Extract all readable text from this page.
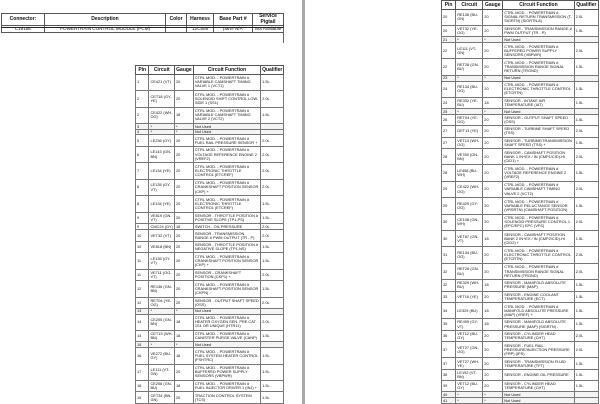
Connector:	Description	Color	Harness	Base Part #	Service Pigtail
C1915E	POWERTRAIN CONTROL MODULE (PCM)		12C508	part# N/A	Not Available
Pin	Circuit	Gauge	Circuit Function	Qualifier
1	CE421 (VT)	20	CTRL MOD. - POWERTRAIN # VARIABLE CAMSHAFT TIMING VALVE 1 (VCT1)	1.5L
2	CET18 (GY-YE)	20	CTRL MOD. - POWERTRAIN # SOLENOID SHIFT CONTROL LOW-SIDE 1 (SS1)	2.0L
2	CE422 (WH-OG)	18	CTRL MOD. - POWERTRAIN # VARIABLE CAMSHAFT TIMING VALVE 2 (VCT2)	1.5L
3	*	*	Not Used	
4	*	*	Not Used	
5	LE236 (GY)	20	CTRL MOD. - POWERTRAIN # FUEL RAIL PRESSURE SENSOR +	2.0L
6	LE143 (GN-BN)	20	CTRL MOD. - POWERTRAIN # VOLTAGE REFERENCE ENGINE 2 (VREF2)	2.0L
7	LE134 (YE)	20	CTRL MOD. - POWERTRAIN # ELECTRONIC THROTTLE CONTROL (ETCREF)	2.0L
8	LE135 (GY-VT)	20	CTRL MOD. - POWERTRAIN # CRANKSHAFT POSITION SENSOR (CKP) +	2.0L
8	LE134 (YE)	20	CTRL MOD. - POWERTRAIN # ELECTRONIC THROTTLE CONTROL (ETCREF)	1.5L
9	VE819 (GN-VT)	20	SENSOR - THROTTLE POSITION # POSITIVE SLOPE (TP1-PS)	1.5L
9	CMC24 (GY)	18	SWITCH - OIL PRESSURE	2.0L
10	VET32 (VT)	20	SENSOR - TRANSMISSION RANGE # PWM OUTPUT (TR - P)	2.0L
10	VE818 (BN)	20	SENSOR - THROTTLE POSITION # NEGATIVE SLOPE (TP1-NS)	1.5L
11	LE135 (GY-VT)	20	CTRL MOD. - POWERTRAIN # CRANKSHAFT POSITION SENSOR (CKP) +	1.5L
11	VE711 (OG-VT)	20	SENSOR - CRANKSHAFT POSITION (CKP1) +	2.0L
12	RE136 (GN-BN)	20	CTRL MOD. - POWERTRAIN # CRANKSHAFT POSITION SENSOR (CKPN) -	1.5L
12	RET04 (YE-OG)	20	SENSOR - OUTPUT SHAFT SPEED (OSS)	2.0L
13	*	*	Not Used	
14	CE205 (GN-BN)	18	CTRL MOD. - POWERTRAIN # HEATER OXYGEN SEN. PRE CAT. 1S1 OR UNIQUE (HTR11)	2.0L
14	CET13 (WH-BN)	18	CTRL MOD. - POWERTRAIN # CANISTER PURGE VALVE (CANP)	1.5L
15	*	*	Not Used	
16	VE272 (BU-GY)	18	CTRL MOD. - POWERTRAIN # FUEL SYSTEM HEATER CONTROL (FSHTRC)	1.5L
17	LE111 (VT-GN)	20	CTRL MOD. - POWERTRAIN # BUFFERED POWER SUPPLY SENSORS (VBPWR)	1.5L
18	CE206 (GN-BU)	18	CTRL MOD. - POWERTRAIN # FUEL INJECTOR DRIVER 1 (INJ) +	1.5L
19	CET34 (BN-GN)	20	TRACTION CONTROL SYSTEM (TCS)	1.5L
Pin	Circuit	Gauge	Circuit Function	Qualifier
20	RE136 (BU-GN)	20	CTRL MOD. - POWERTRAIN # SIGNAL RETURN TRANSMISSION (T-SIGRTN) (SIGRTN-8)	2.0L
20	VET32 (YE-OG)	20	SENSOR - TRANSMISSION RANGE # PWM OUTPUT (TR - P)	1.5L
21	*	*	Not Used	
22	LE111 (VT-GN)	20	CTRL MOD. - POWERTRAIN # BUFFERED POWER SUPPLY SENSORS (VBPWR)	2.0L
22	RET26 (GN-BU)	20	CTRL MOD. - POWERTRAIN # TRANSMISSION RANGE SIGNAL RETURN (TRGND)	1.5L
23	*	*	Not Used	
24	RE134 (BU-OG)	20	CTRL MOD. - POWERTRAIN # ELECTRONIC THROTTLE CONTROL (ETCRTN)	1.5L
24	RE332 (YE-BU)	18	SENSOR - INTAKE AIR TEMPERATURE (IAT)	1.5L
25	*	*	Not Used	
26	RET04 (YE-OG)	20	SENSOR - OUTPUT SHAFT SPEED (OSS)	1.5L
27	DET13 (YE)	20	SENSOR - TURBINE SHAFT SPEED (TSS)	2.0L
27	VET13 (WH-OG)	20	SENSOR - TURBINE/TRANSMISSION SHAFT SPEED (TSS) +	1.5L
28	VE780 (GN-BN)	20	SENSOR - CAMSHAFT POSITION BANK 1 IN+EX / IN (CMP1/CID)-HI (CID1) +	2.0L
28	LE458 (BU-WH)	20	CTRL MOD. - POWERTRAIN # VOLTAGE REFERENCE ENGINE 2 (VREF2)	1.5L
29	CE422 (WH-OG)	20	CTRL MOD. - POWERTRAIN # VARIABLE CAMSHAFT TIMING VALVE 2 (VCT2)	2.0L
29	RE429 (GY-OG)	20	CTRL MOD. - POWERTRAIN # VARIABLE RELUCTANCE SENSOR (VRSRTN) (CAMSHAFT POSITION)	1.5L
30	CE108 (GN-WH)	20	CTRL MOD. - POWERTRAIN # SOLENOID PRESSURE CONTROL 1 (EPC/EPC) EPC (VFS)	2.0L
30	VET87 (GN-VT)	18	SENSOR - CAMSHAFT POSITION BANK 2 IN+EX / IN (CMP2/CID)-HI (CID2) +	1.5L
31	RE134 (BU-OG)	20	CTRL MOD. - POWERTRAIN # ELECTRONIC THROTTLE CONTROL (ETCRTN)	2.0L
32	RET26 (GN-BU)	20	CTRL MOD. - POWERTRAIN # TRANSMISSION RANGE SIGNAL RETURN (TRGND)	2.0L
32	RE329 (WH-BU)	18	SENSOR - MANIFOLD ABSOLUTE PRESSURE (MAP)	1.5L
33	VET16 (YE)	20	SENSOR - ENGINE COOLANT TEMPERATURE (ECT)	1.5L
34	LE329 (BU)	18	CTRL MOD. - POWERTRAIN # MANIFOLD ABSOLUTE PRESSURE (MAP) (VREF) +	1.5L
35	RE495 (GY-VT)	18	SENSOR - MANIFOLD ABSOLUTE PRESSURE (MAP) (SIGRTN) -	1.5L
36	VET12 (BU-GY)	20	SENSOR - CYLINDER HEAD TEMPERATURE (CHT)	2.0L
37	VET27 (GN-OG)	20	SENSOR - FUEL RAIL PRESSURE/INJECTION PRESSURE (FRP) (IPS)	2.0L
37	VET27 (WH-YE)	20	SENSOR - TRANSMISSION FLUID TEMPERATURE (TFT)	1.5L
38	LE192 (VT-BN)	20	SENSOR - ENGINE OIL PRESSURE	1.5L
39	VET12 (BU-GY)	20	SENSOR - CYLINDER HEAD TEMPERATURE (CHT)	1.5L
40	*	*	Not Used	
41	*	*	Not Used	
